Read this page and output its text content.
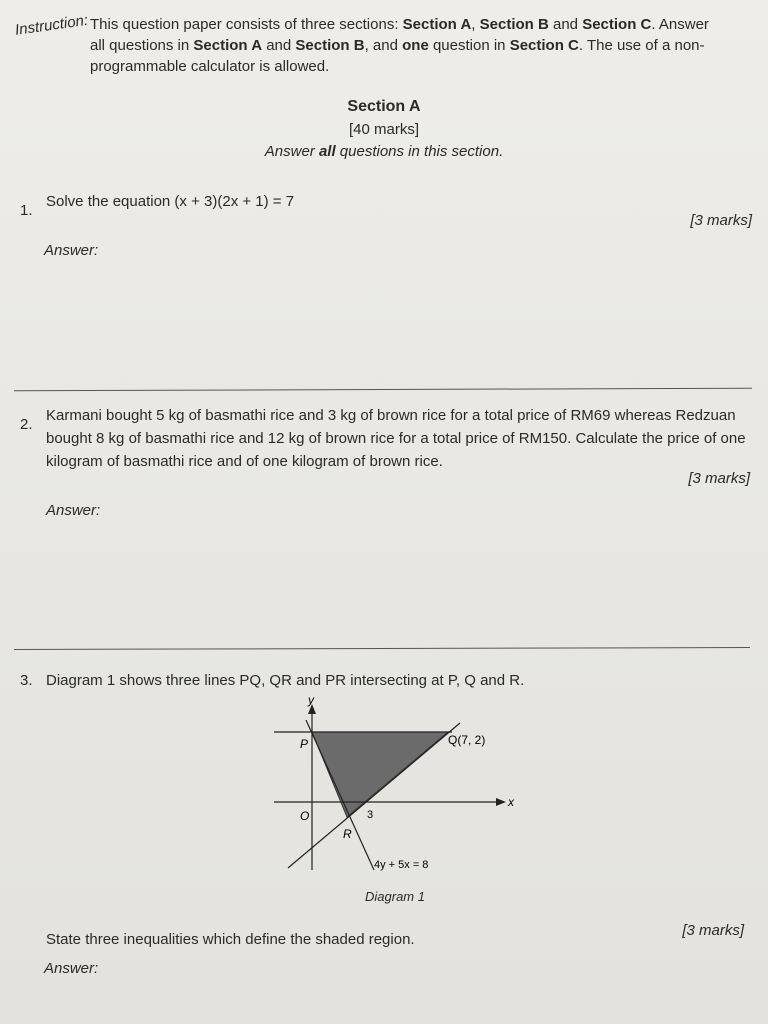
Instruction: This question paper consists of three sections: Section A, Section B and Section C. Answer
all questions in Section A and Section B, and one question in Section C. The use of a non-
programmable calculator is allowed.
Section A
[40 marks]
Answer all questions in this section.
1.
Solve the equation (x + 3)(2x + 1) = 7
[3 marks]
Answer:
2.
Karmani bought 5 kg of basmathi rice and 3 kg of brown rice for a total price of RM69 whereas Redzuan
bought 8 kg of basmathi rice and 12 kg of brown rice for a total price of RM150. Calculate the price of one
kilogram of basmathi rice and of one kilogram of brown rice.
[3 marks]
Answer:
3. Diagram 1 shows three lines PQ, QR and PR intersecting at P, Q and R.
y
x
P	Q(7, 2)
O
R
3
4y + 5x = 8
Diagram 1
State three inequalities which define the shaded region.
[3 marks]
Answer:
